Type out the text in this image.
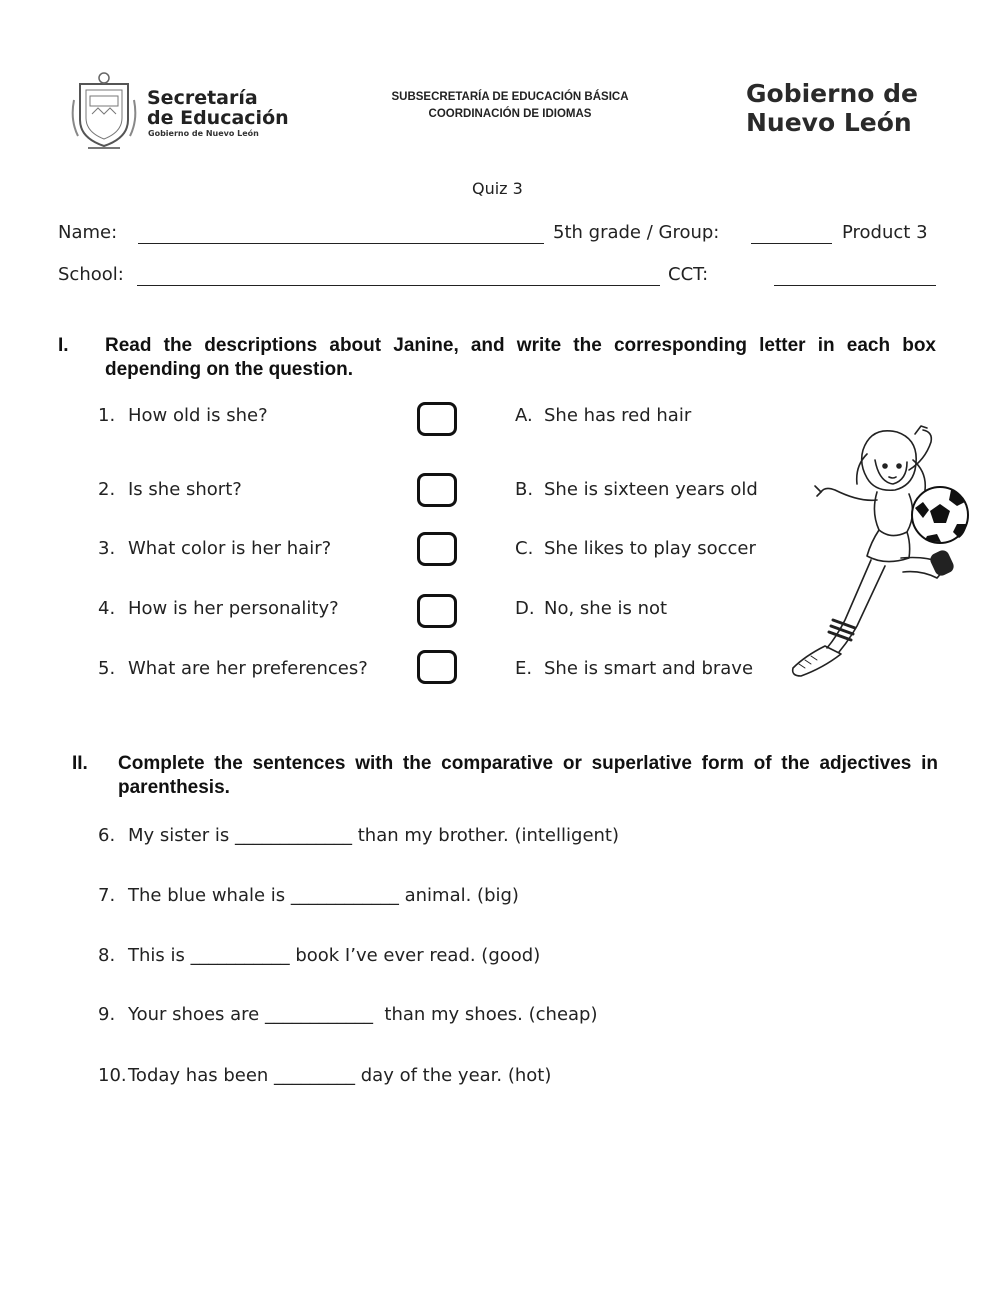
Secretaría
de Educación
Gobierno de Nuevo León
SUBSECRETARÍA DE EDUCACIÓN BÁSICA
COORDINACIÓN DE IDIOMAS
Gobierno de
Nuevo León
Quiz 3
Name:	5th grade / Group:	Product 3
School:	CCT:
I. Read the descriptions about Janine, and write the corresponding letter in each box
depending on the question.
1. How old is she?
2. Is she short?
3. What color is her hair?
4. How is her personality?
5. What are her preferences?
A. She has red hair
B. She is sixteen years old
C. She likes to play soccer
D. No, she is not
E. She is smart and brave
II. Complete the sentences with the comparative or superlative form of the adjectives in
parenthesis.
6. My sister is _____________ than my brother. (intelligent)
7. The blue whale is ____________ animal. (big)
8. This is ___________ book I’ve ever read. (good)
9. Your shoes are ____________  than my shoes. (cheap)
10. Today has been _________ day of the year. (hot)
